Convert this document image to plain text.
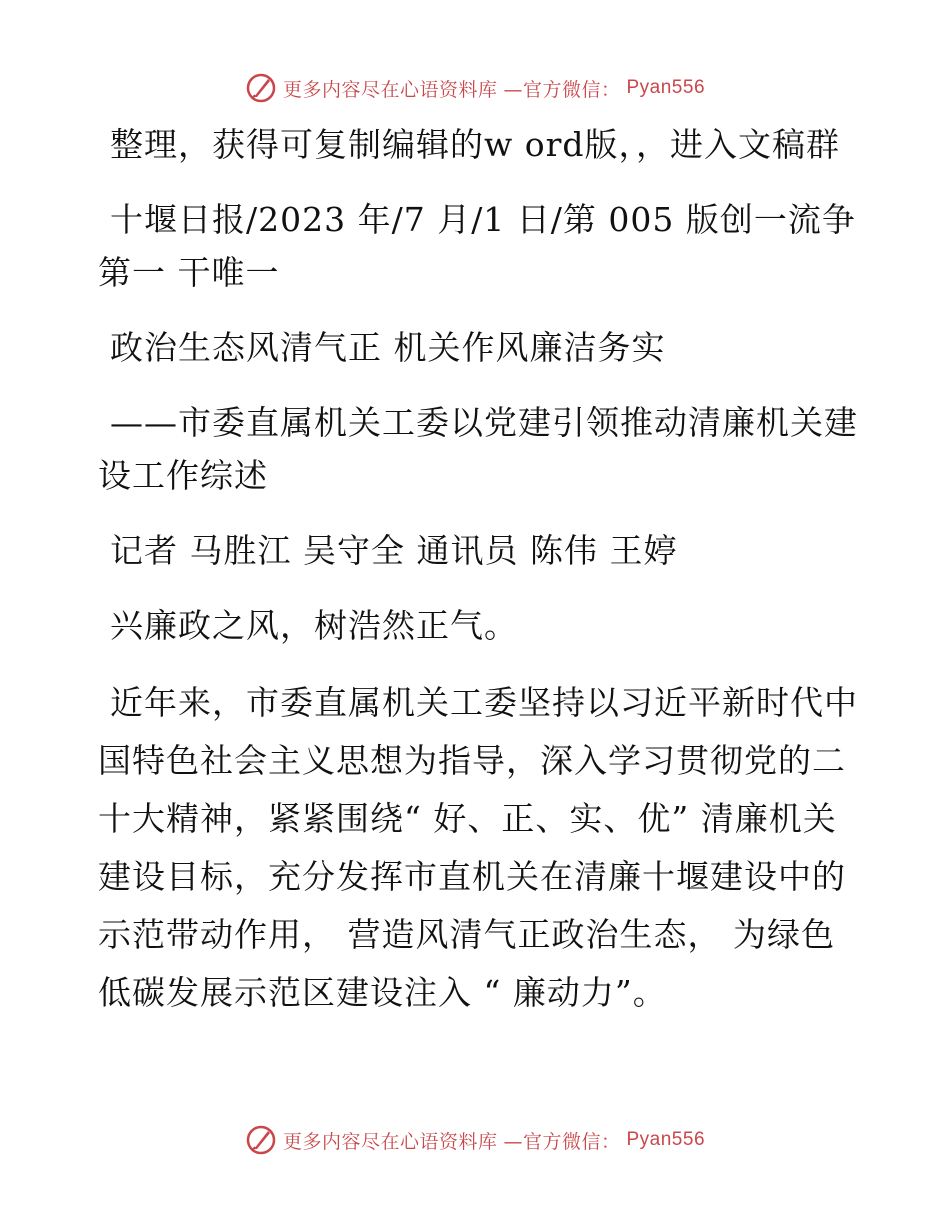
更多内容尽在心语资料库 —官方微信： Pyan556

整理，获得可复制编辑的w ord版，，进入文稿群

十堰日报/2023 年/7 月/1 日/第 005 版创一流争第一 干唯一

政治生态风清气正 机关作风廉洁务实

——市委直属机关工委以党建引领推动清廉机关建设工作综述

记者 马胜江 吴守全 通讯员 陈伟 王婷

兴廉政之风，树浩然正气。

近年来，市委直属机关工委坚持以习近平新时代中国特色社会主义思想为指导，深入学习贯彻党的二十大精神，紧紧围绕“ 好、正、实、优” 清廉机关建设目标，充分发挥市直机关在清廉十堰建设中的示范带动作用， 营造风清气正政治生态， 为绿色低碳发展示范区建设注入 “ 廉动力”。

更多内容尽在心语资料库 —官方微信： Pyan556
